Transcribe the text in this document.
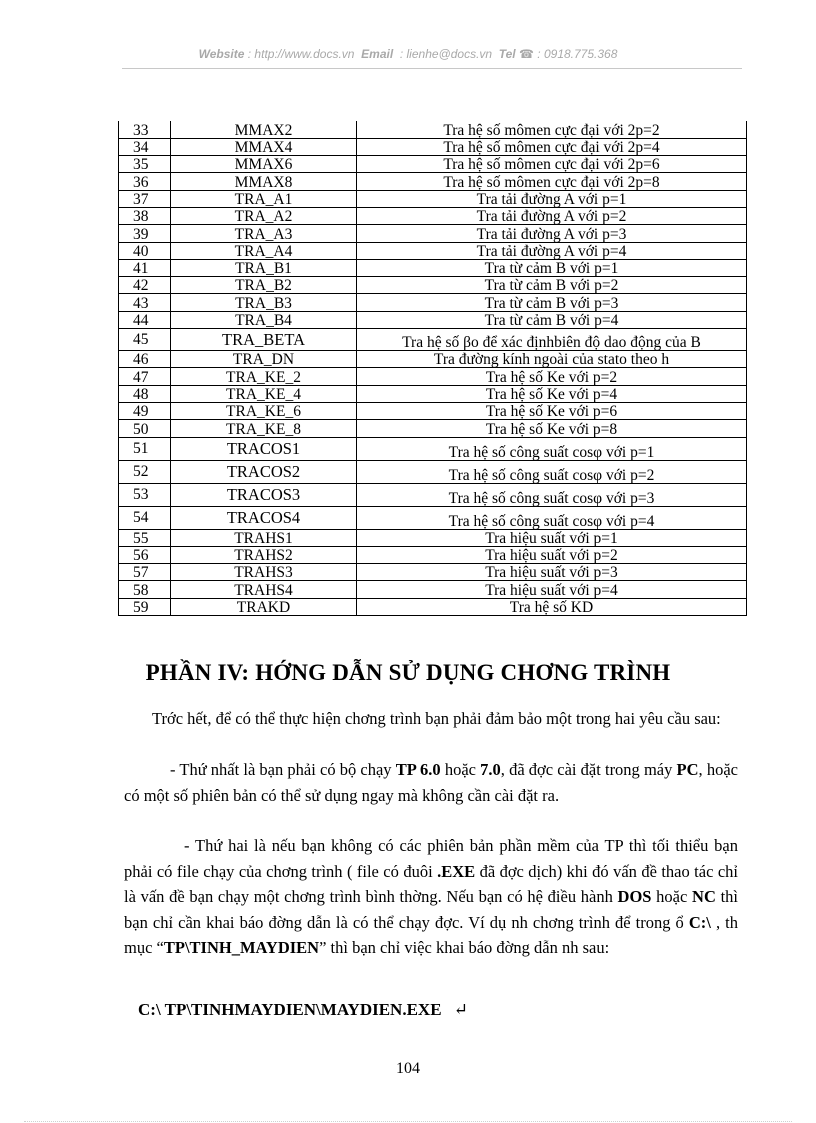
Website : http://www.docs.vn Email : lienhe@docs.vn Tel ☎ : 0918.775.368
33	MMAX2	Tra hệ số mômen cực đại với 2p=2
34	MMAX4	Tra hệ số mômen cực đại với 2p=4
35	MMAX6	Tra hệ số mômen cực đại với 2p=6
36	MMAX8	Tra hệ số mômen cực đại với 2p=8
37	TRA_A1	Tra tải đường A với p=1
38	TRA_A2	Tra tải đường A với p=2
39	TRA_A3	Tra tải đường A với p=3
40	TRA_A4	Tra tải đường A với p=4
41	TRA_B1	Tra từ cảm B với p=1
42	TRA_B2	Tra từ cảm B với p=2
43	TRA_B3	Tra từ cảm B với p=3
44	TRA_B4	Tra từ cảm B với p=4
45	TRA_BETA	Tra hệ số βo để xác địnhbiên độ dao động của B
46	TRA_DN	Tra đường kính ngoài của stato theo h
47	TRA_KE_2	Tra hệ số Ke với p=2
48	TRA_KE_4	Tra hệ số Ke với p=4
49	TRA_KE_6	Tra hệ số Ke với p=6
50	TRA_KE_8	Tra hệ số Ke với p=8
51	TRACOS1	Tra hệ số công suất cosφ với p=1
52	TRACOS2	Tra hệ số công suất cosφ với p=2
53	TRACOS3	Tra hệ số công suất cosφ với p=3
54	TRACOS4	Tra hệ số công suất cosφ với p=4
55	TRAHS1	Tra hiệu suất với p=1
56	TRAHS2	Tra hiệu suất với p=2
57	TRAHS3	Tra hiệu suất với p=3
58	TRAHS4	Tra hiệu suất với p=4
59	TRAKD	Tra hệ số KD
PHẦN IV: HỚNG DẪN SỬ DỤNG CHƠNG TRÌNH

Trớc hết, để có thể thực hiện chơng trình bạn phải đảm bảo một trong hai yêu cầu sau:

- Thứ nhất là bạn phải có bộ chạy TP 6.0 hoặc 7.0, đã đợc cài đặt trong máy PC, hoặc có một số phiên bản có thể sử dụng ngay mà không cần cài đặt ra.

- Thứ hai là nếu bạn không có các phiên bản phần mềm của TP thì tối thiểu bạn phải có file chạy của chơng trình ( file có đuôi .EXE đã đợc dịch) khi đó vấn đề thao tác chỉ là vấn đề bạn chạy một chơng trình bình thờng. Nếu bạn có hệ điều hành DOS hoặc NC thì bạn chỉ cần khai báo đờng dẫn là có thể chạy đợc. Ví dụ nh chơng trình để trong ổ C:\ , th mục “TP\TINH_MAYDIEN” thì bạn chỉ việc khai báo đờng dẫn nh sau:

C:\ TP\TINHMAYDIEN\MAYDIEN.EXE ↵
104
